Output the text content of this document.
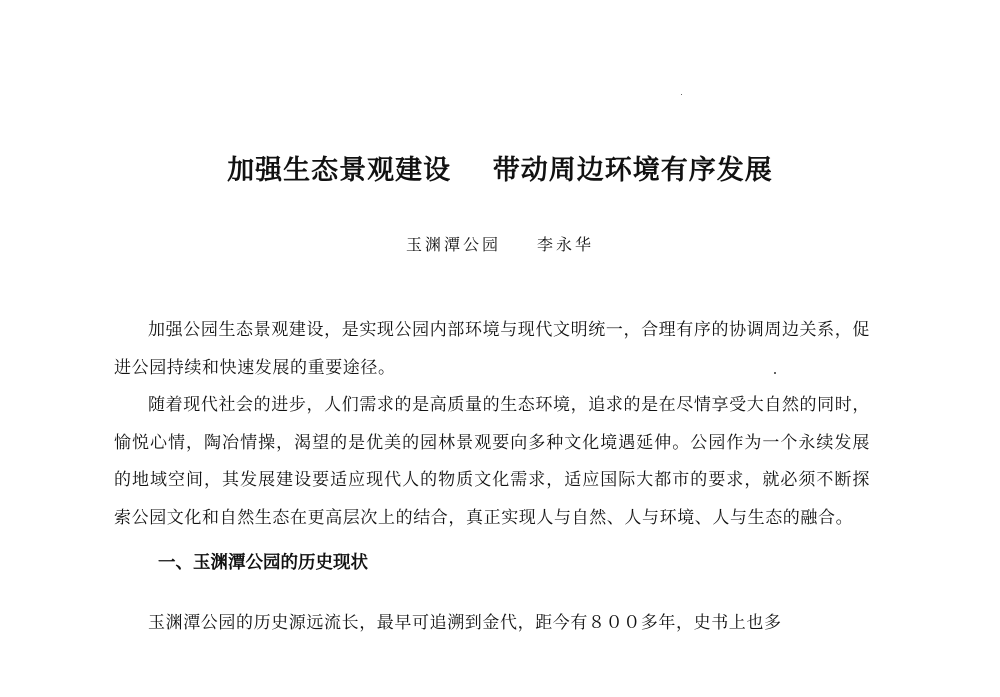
加强生态景观建设    带动周边环境有序发展
玉渊潭公园 李永华

加强公园生态景观建设，是实现公园内部环境与现代文明统一，合理有序的协调周边关系，促进公园持续和快速发展的重要途径。

随着现代社会的进步，人们需求的是高质量的生态环境，追求的是在尽情享受大自然的同时，愉悦心情，陶冶情操，渴望的是优美的园林景观要向多种文化境遇延伸。公园作为一个永续发展的地域空间，其发展建设要适应现代人的物质文化需求，适应国际大都市的要求，就必须不断探索公园文化和自然生态在更高层次上的结合，真正实现人与自然、人与环境、人与生态的融合。

一、玉渊潭公园的历史现状

玉渊潭公园的历史源远流长，最早可追溯到金代，距今有８００多年，史书上也多
